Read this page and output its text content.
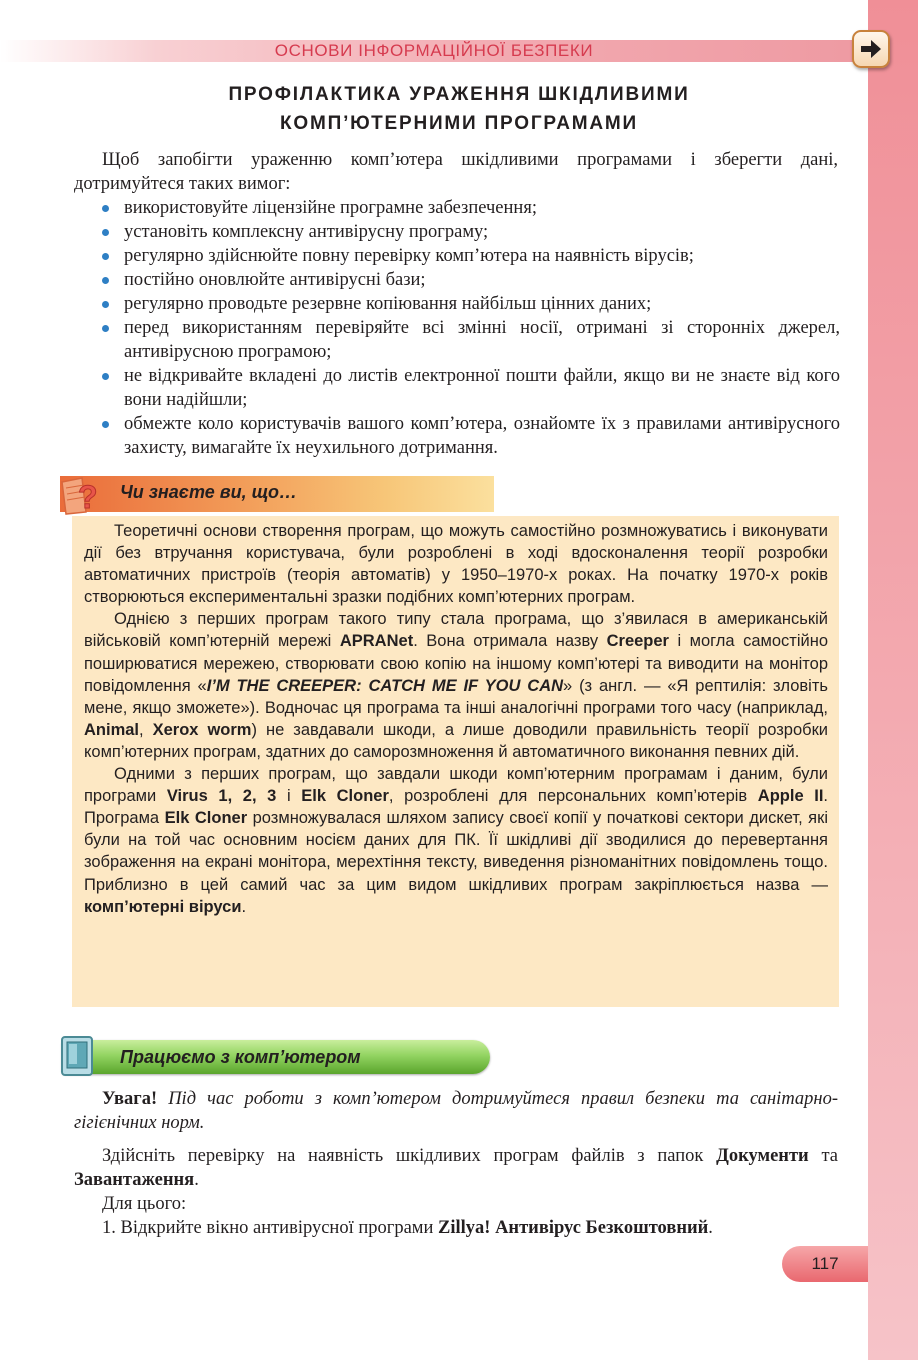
ОСНОВИ ІНФОРМАЦІЙНОЇ БЕЗПЕКИ
ПРОФІЛАКТИКА УРАЖЕННЯ ШКІДЛИВИМИ
КОМП’ЮТЕРНИМИ ПРОГРАМАМИ
Щоб запобігти ураженню комп’ютера шкідливими програмами і зберегти дані, дотримуйтеся таких вимог:
використовуйте ліцензійне програмне забезпечення;
установіть комплексну антивірусну програму;
регулярно здійснюйте повну перевірку комп’ютера на наявність вірусів;
постійно оновлюйте антивірусні бази;
регулярно проводьте резервне копіювання найбільш цінних даних;
перед використанням перевіряйте всі змінні носії, отримані зі сторонніх джерел, антивірусною програмою;
не відкривайте вкладені до листів електронної пошти файли, якщо ви не знаєте від кого вони надійшли;
обмежте коло користувачів вашого комп’ютера, ознайомте їх з правилами антивірусного захисту, вимагайте їх неухильного дотримання.
? Чи знаєте ви, що…

Теоретичні основи створення програм, що можуть самостійно розмножуватись і виконувати дії без втручання користувача, були розроблені в ході вдосконалення теорії розробки автоматичних пристроїв (теорія автоматів) у 1950–1970-х роках. На початку 1970-х років створюються експериментальні зразки подібних комп’ютерних програм.

Однією з перших програм такого типу стала програма, що з’явилася в американській військовій комп’ютерній мережі APRANet. Вона отримала назву Creeper і могла самостійно поширюватися мережею, створювати свою копію на іншому комп’ютері та виводити на монітор повідомлення «I’M THE CREEPER: CATCH ME IF YOU CAN» (з англ. — «Я рептилія: зловіть мене, якщо зможете»). Водночас ця програма та інші аналогічні програми того часу (наприклад, Animal, Xerox worm) не завдавали шкоди, а лише доводили правильність теорії розробки комп’ютерних програм, здатних до саморозмноження й автоматичного виконання певних дій.

Одними з перших програм, що завдали шкоди комп’ютерним програмам і даним, були програми Virus 1, 2, 3 і Elk Cloner, розроблені для персональних комп’ютерів Apple II. Програма Elk Cloner розмножувалася шляхом запису своєї копії у початкові сектори дискет, які були на той час основним носієм даних для ПК. Її шкідливі дії зводилися до перевертання зображення на екрані монітора, мерехтіння тексту, виведення різноманітних повідомлень тощо. Приблизно в цей самий час за цим видом шкідливих програм закріплюється назва — комп’ютерні віруси.

Працюємо з комп’ютером
Увага! Під час роботи з комп’ютером дотримуйтеся правил безпеки та санітарно-гігієнічних норм.
Здійсніть перевірку на наявність шкідливих програм файлів з папок Документи та Завантаження.
Для цього:
1. Відкрийте вікно антивірусної програми Zillya! Антивірус Безкоштовний.
117
